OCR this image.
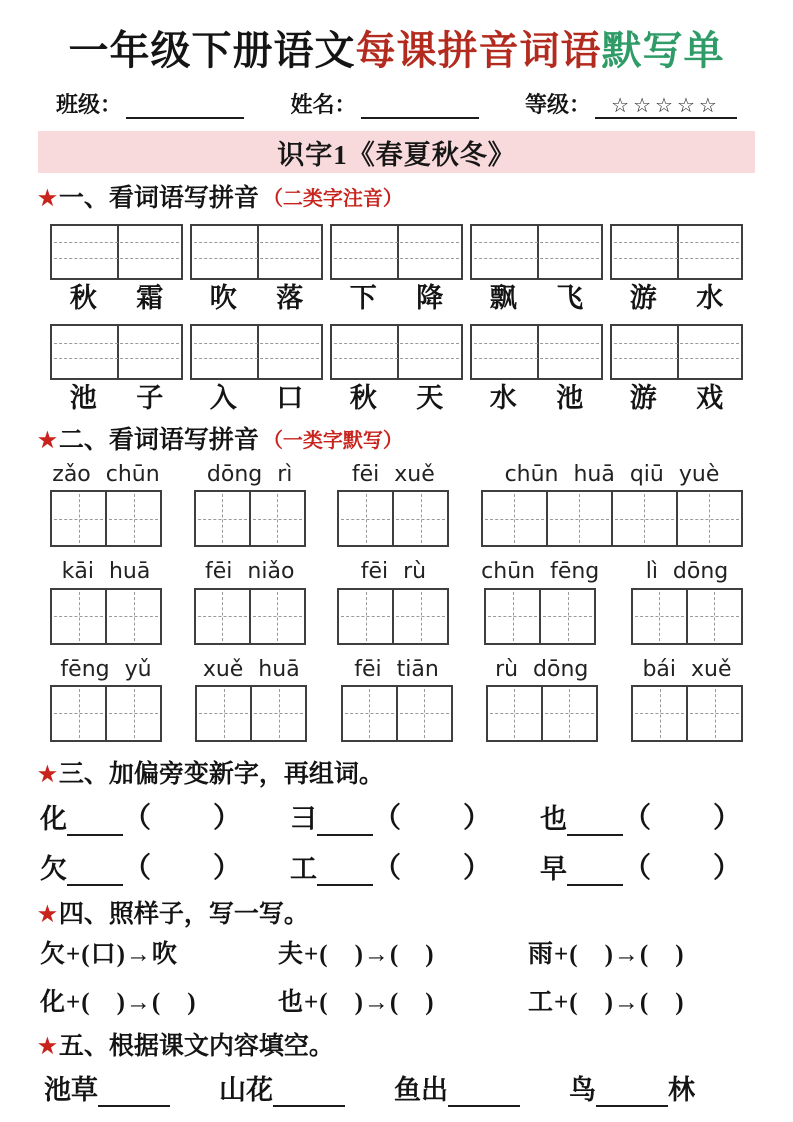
一年级下册语文每课拼音词语默写单
班级：	姓名：	等级：	☆☆☆☆☆
识字1《春夏秋冬》
★ 一、看词语写拼音 （二类字注音）
秋 霜 吹 落 下 降 飘 飞 游 水
池 子 入 口 秋 天 水 池 游 戏
★ 二、看词语写拼音 （一类字默写）
zǎo chūn	dōng rì	fēi xuě	chūn huā qiū yuè
kāi huā	fēi niǎo	fēi rù	chūn fēng	lì dōng
fēng yǔ	xuě huā	fēi tiān	rù dōng	bái xuě
★ 三、加偏旁变新字，再组词。
化 （ ） 彐 （ ） 也 （ ）
欠 （ ） 工 （ ） 早 （ ）
★ 四、照样子，写一写。
欠+(口)→吹	夫+(　)→(　)	雨+(　)→(　)
化+(　)→(　)	也+(　)→(　)	工+(　)→(　)
★ 五、根据课文内容填空。
池草	山花	鱼出	鸟	林
